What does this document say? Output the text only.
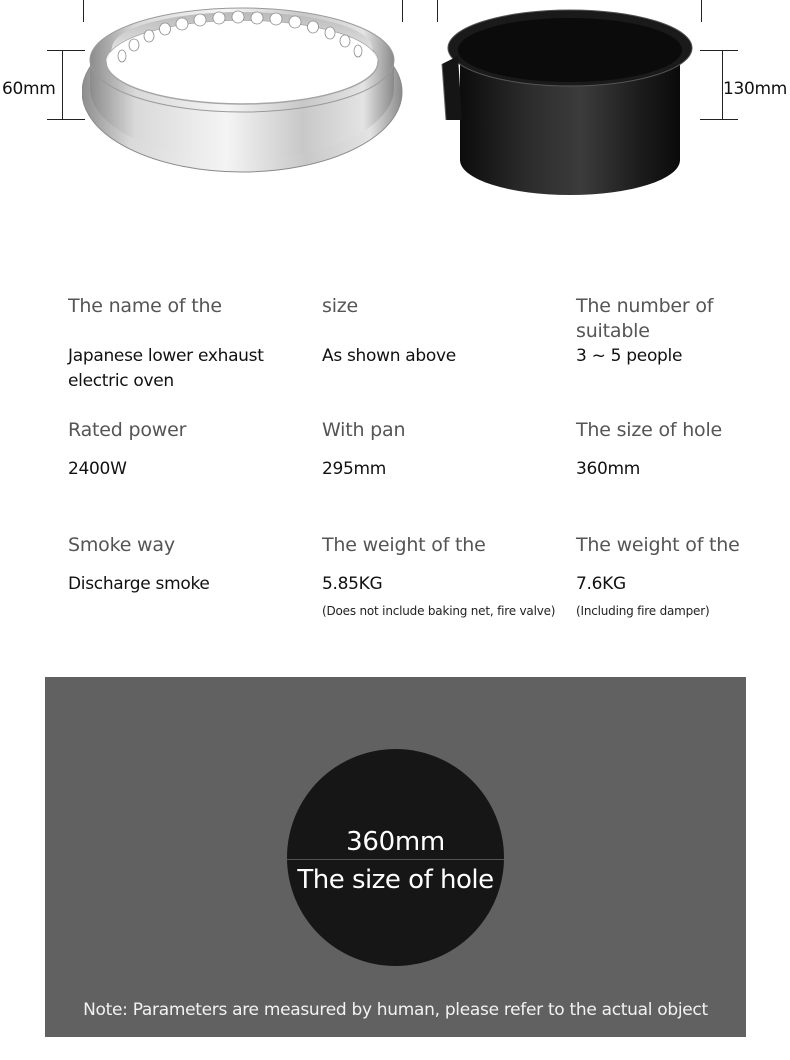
60mm	130mm
The name of the
Japanese lower exhaust electric oven
size
As shown above
The number of suitable
3 ~ 5 people
Rated power
2400W
With pan
295mm
The size of hole
360mm
Smoke way
Discharge smoke
The weight of the
5.85KG
(Does not include baking net, fire valve)
The weight of the
7.6KG
(Including fire damper)
360mm
The size of hole
Note: Parameters are measured by human, please refer to the actual object
